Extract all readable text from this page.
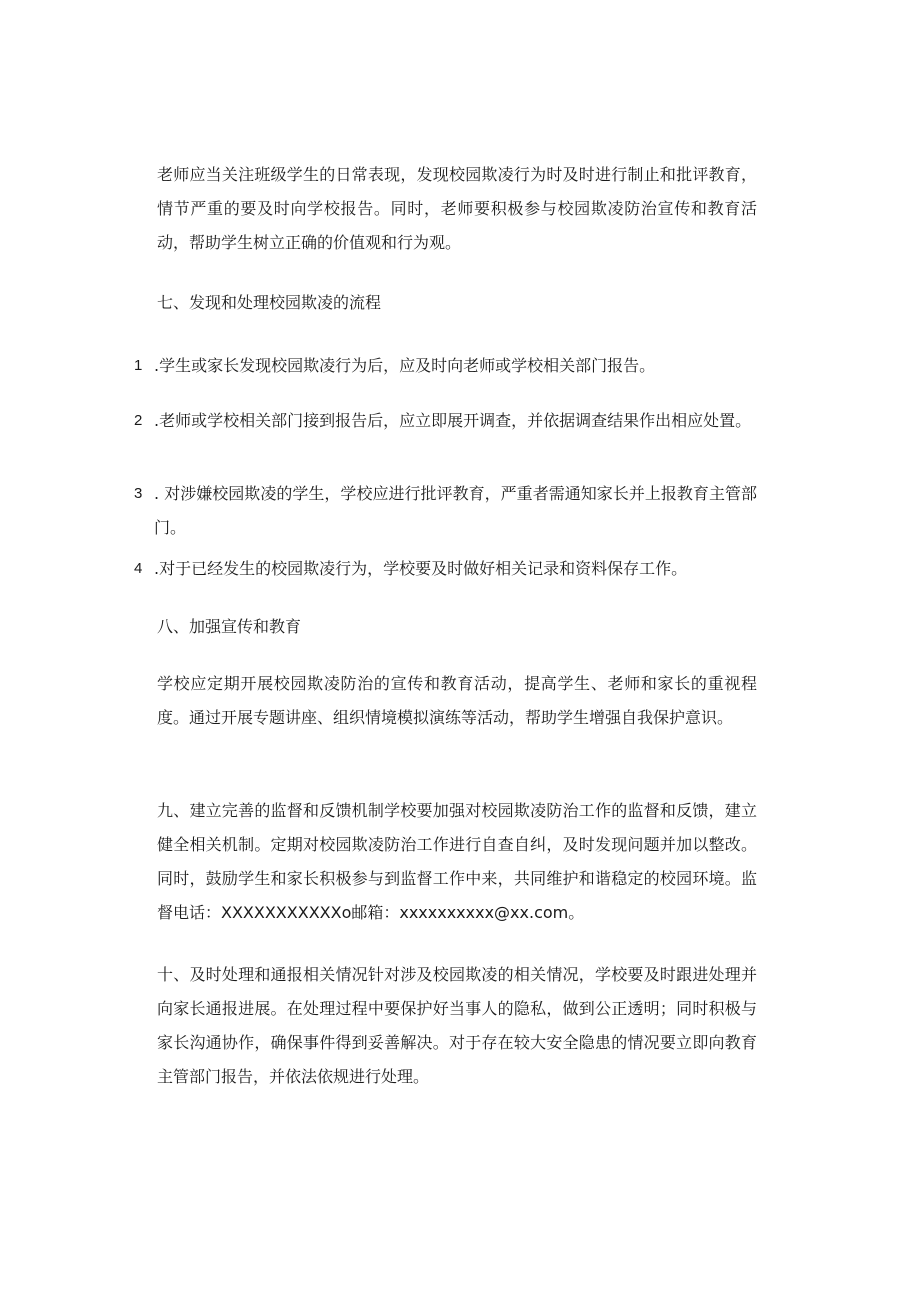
老师应当关注班级学生的日常表现，发现校园欺凌行为时及时进行制止和批评教育，情节严重的要及时向学校报告。同时，老师要积极参与校园欺凌防治宣传和教育活动，帮助学生树立正确的价值观和行为观。

七、发现和处理校园欺凌的流程

1 .学生或家长发现校园欺凌行为后，应及时向老师或学校相关部门报告。
2 .老师或学校相关部门接到报告后，应立即展开调查，并依据调查结果作出相应处置。
3 . 对涉嫌校园欺凌的学生，学校应进行批评教育，严重者需通知家长并上报教育主管部门。
4 .对于已经发生的校园欺凌行为，学校要及时做好相关记录和资料保存工作。

八、加强宣传和教育

学校应定期开展校园欺凌防治的宣传和教育活动，提高学生、老师和家长的重视程度。通过开展专题讲座、组织情境模拟演练等活动，帮助学生增强自我保护意识。

九、建立完善的监督和反馈机制学校要加强对校园欺凌防治工作的监督和反馈，建立健全相关机制。定期对校园欺凌防治工作进行自查自纠，及时发现问题并加以整改。同时，鼓励学生和家长积极参与到监督工作中来，共同维护和谐稳定的校园环境。监督电话：XXXXXXXXXXXo邮箱：xxxxxxxxxx@xx.com。

十、及时处理和通报相关情况针对涉及校园欺凌的相关情况，学校要及时跟进处理并向家长通报进展。在处理过程中要保护好当事人的隐私，做到公正透明；同时积极与家长沟通协作，确保事件得到妥善解决。对于存在较大安全隐患的情况要立即向教育主管部门报告，并依法依规进行处理。
